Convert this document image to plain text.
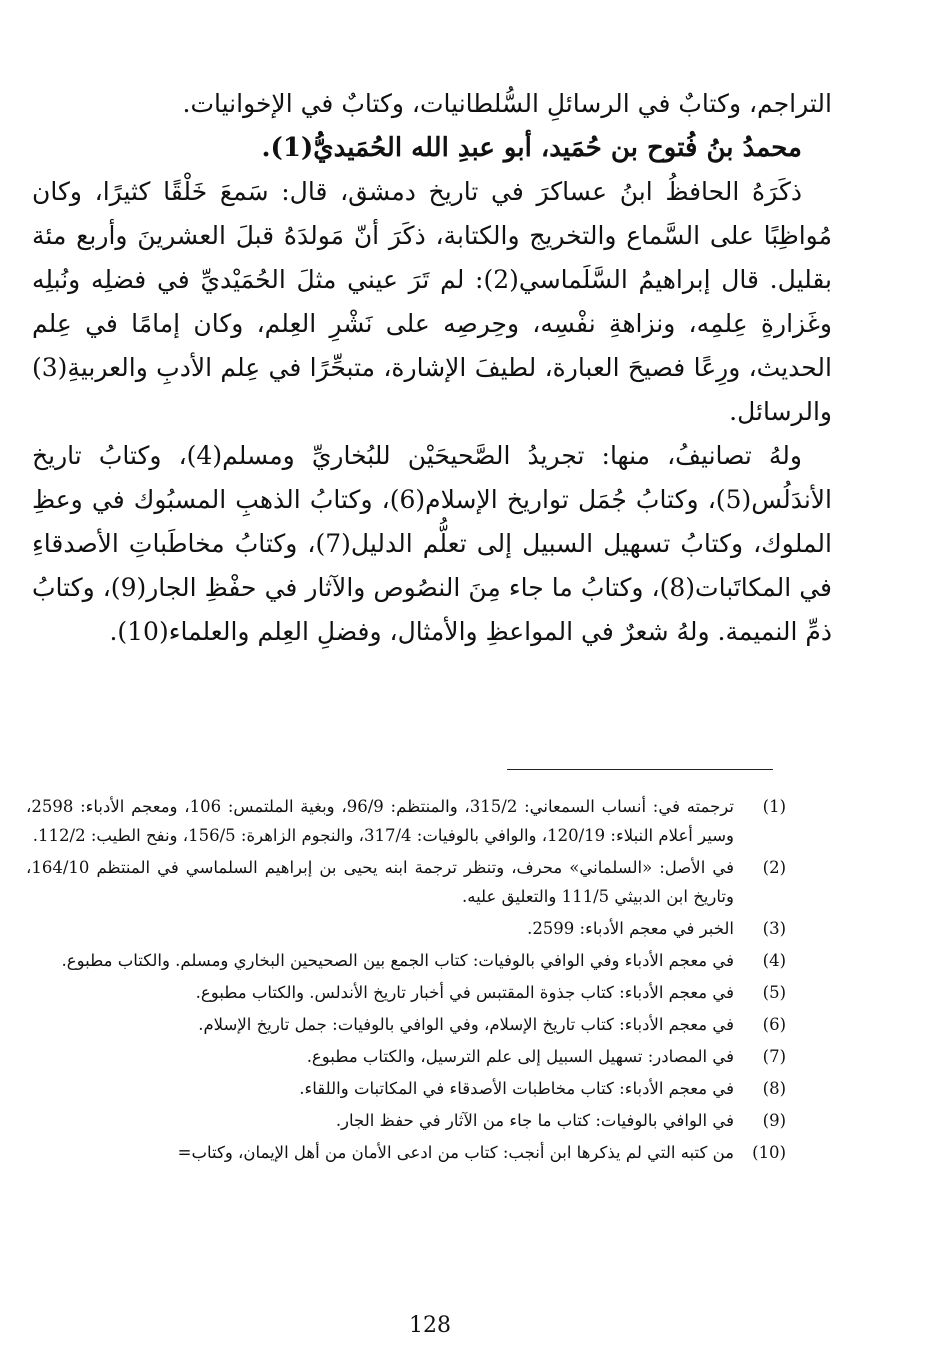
التراجم، وكتابٌ في الرسائلِ السُّلطانيات، وكتابٌ في الإخوانيات.

محمدُ بنُ فُتوح بن حُمَيد، أبو عبدِ الله الحُمَيديُّ(1).

ذكَرَهُ الحافظُ ابنُ عساكرَ في تاريخ دمشق، قال: سَمعَ خَلْقًا كثيرًا، وكان مُواظِبًا على السَّماع والتخريج والكتابة، ذكَرَ أنّ مَولدَهُ قبلَ العشرينَ وأربع مئة بقليل. قال إبراهيمُ السَّلَماسي(2): لم تَرَ عيني مثلَ الحُمَيْديِّ في فضلِه ونُبلِه وغَزارةِ عِلمِه، ونزاهةِ نفْسِه، وحِرصِه على نَشْرِ العِلم، وكان إمامًا في عِلم الحديث، ورِعًا فصيحَ العبارة، لطيفَ الإشارة، متبحِّرًا في عِلم الأدبِ والعربيةِ(3) والرسائل.

ولهُ تصانيفُ، منها: تجريدُ الصَّحيحَيْن للبُخاريِّ ومسلم(4)، وكتابُ تاريخ الأندَلُس(5)، وكتابُ جُمَل تواريخ الإسلام(6)، وكتابُ الذهبِ المسبُوك في وعظِ الملوك، وكتابُ تسهيل السبيل إلى تعلُّم الدليل(7)، وكتابُ مخاطَباتِ الأصدقاءِ في المكاتَبات(8)، وكتابُ ما جاء مِنَ النصُوص والآثار في حفْظِ الجار(9)، وكتابُ ذمِّ النميمة. ولهُ شعرٌ في المواعظِ والأمثال، وفضلِ العِلم والعلماء(10).

(1)
ترجمته في: أنساب السمعاني: 315/2، والمنتظم: 96/9، وبغية الملتمس: 106، ومعجم الأدباء: 2598، وسير أعلام النبلاء: 120/19، والوافي بالوفيات: 317/4، والنجوم الزاهرة: 156/5، ونفح الطيب: 112/2.
(2)
في الأصل: «السلماني» محرف، وتنظر ترجمة ابنه يحيى بن إبراهيم السلماسي في المنتظم 164/10، وتاريخ ابن الدبيثي 111/5 والتعليق عليه.
(3)
الخبر في معجم الأدباء: 2599.
(4)
في معجم الأدباء وفي الوافي بالوفيات: كتاب الجمع بين الصحيحين البخاري ومسلم. والكتاب مطبوع.
(5)
في معجم الأدباء: كتاب جذوة المقتبس في أخبار تاريخ الأندلس. والكتاب مطبوع.
(6)
في معجم الأدباء: كتاب تاريخ الإسلام، وفي الوافي بالوفيات: جمل تاريخ الإسلام.
(7)
في المصادر: تسهيل السبيل إلى علم الترسيل، والكتاب مطبوع.
(8)
في معجم الأدباء: كتاب مخاطبات الأصدقاء في المكاتبات واللقاء.
(9)
في الوافي بالوفيات: كتاب ما جاء من الآثار في حفظ الجار.
(10)
من كتبه التي لم يذكرها ابن أنجب: كتاب من ادعى الأمان من أهل الإيمان، وكتاب=
128
